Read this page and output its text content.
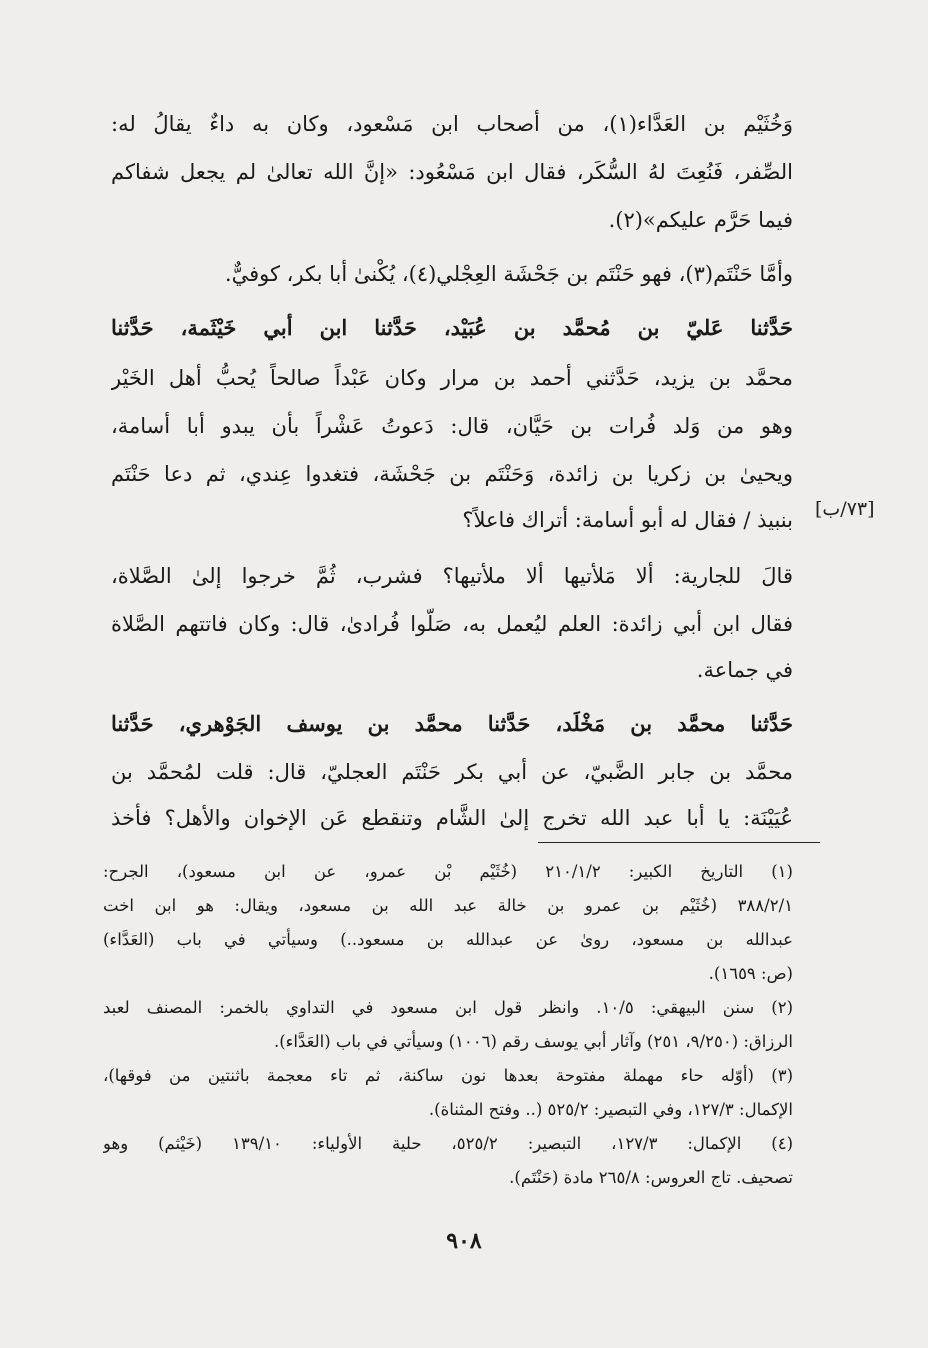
وَخُثَيْم بن العَدَّاء(١)، من أصحاب ابن مَسْعود، وكان به داءٌ يقالُ له:
الصِّفر، فَنُعِتَ لهُ السُّكَر، فقال ابن مَسْعُود: «إنَّ الله تعالىٰ لم يجعل شفاكم
فيما حَرَّم عليكم»(٢).
وأمَّا حَنْتَم(٣)، فهو حَنْتَم بن جَحْشَة العِجْلي(٤)، يُكْنىٰ أبا بكر، كوفيٌّ.
حَدَّثنا عَليّ بن مُحمَّد بن عُبَيْد، حَدَّثنا ابن أبي خَيْثَمة، حَدَّثنا
محمَّد بن يزيد، حَدَّثني أحمد بن مرار وكان عَبْداً صالحاً يُحبُّ أهل الخَيْر
وهو من وَلد فُرات بن حَيَّان، قال: دَعوتُ عَشْراً بأن يبدو أبا أسامة،
ويحيىٰ بن زكريا بن زائدة، وَحَنْتَم بن جَحْشَة، فتغدوا عِندي، ثم دعا حَنْتَم
بنبيذ / فقال له أبو أسامة: أتراك فاعلاً؟ [٧٣/ب]
قالَ للجارية: ألا مَلأتيها ألا ملأتيها؟ فشرب، ثُمَّ خرجوا إلىٰ الصَّلاة،
فقال ابن أبي زائدة: العلم ليُعمل به، صَلّوا فُرادىٰ، قال: وكان فاتتهم الصَّلاة
في جماعة.
حَدَّثنا محمَّد بن مَخْلَد، حَدَّثنا محمَّد بن يوسف الجَوْهري، حَدَّثنا
محمَّد بن جابر الضَّبيّ، عن أبي بكر حَنْتَم العجليّ، قال: قلت لمُحمَّد بن
عُيَيْنَة: يا أبا عبد الله تخرج إلىٰ الشَّام وتنقطع عَن الإخوان والأهل؟ فأخذ
(١) التاريخ الكبير: ٢١٠/١/٢ (خُثَيْم بْن عمرو، عن ابن مسعود)، الجرح:
٣٨٨/٢/١ (خُثَيْم بن عمرو بن خالة عبد الله بن مسعود، ويقال: هو ابن اخت
عبدالله بن مسعود، روىٰ عن عبدالله بن مسعود..) وسيأتي في باب (العَدَّاء)
(ص: ١٦٥٩).
(٢) سنن البيهقي: ١٠/٥. وانظر قول ابن مسعود في التداوي بالخمر: المصنف لعبد
الرزاق: (٩/٢٥٠، ٢٥١) وآثار أبي يوسف رقم (١٠٠٦) وسيأتي في باب (العَدَّاء).
(٣) (أوّله حاء مهملة مفتوحة بعدها نون ساكنة، ثم تاء معجمة باثنتين من فوقها)،
الإكمال: ١٢٧/٣، وفي التبصير: ٥٢٥/٢ (.. وفتح المثناة).
(٤) الإكمال: ١٢٧/٣، التبصير: ٥٢٥/٢، حلية الأولياء: ١٣٩/١٠ (خَيْثم) وهو
تصحيف. تاج العروس: ٢٦٥/٨ مادة (حَنْتَم).
٩٠٨
